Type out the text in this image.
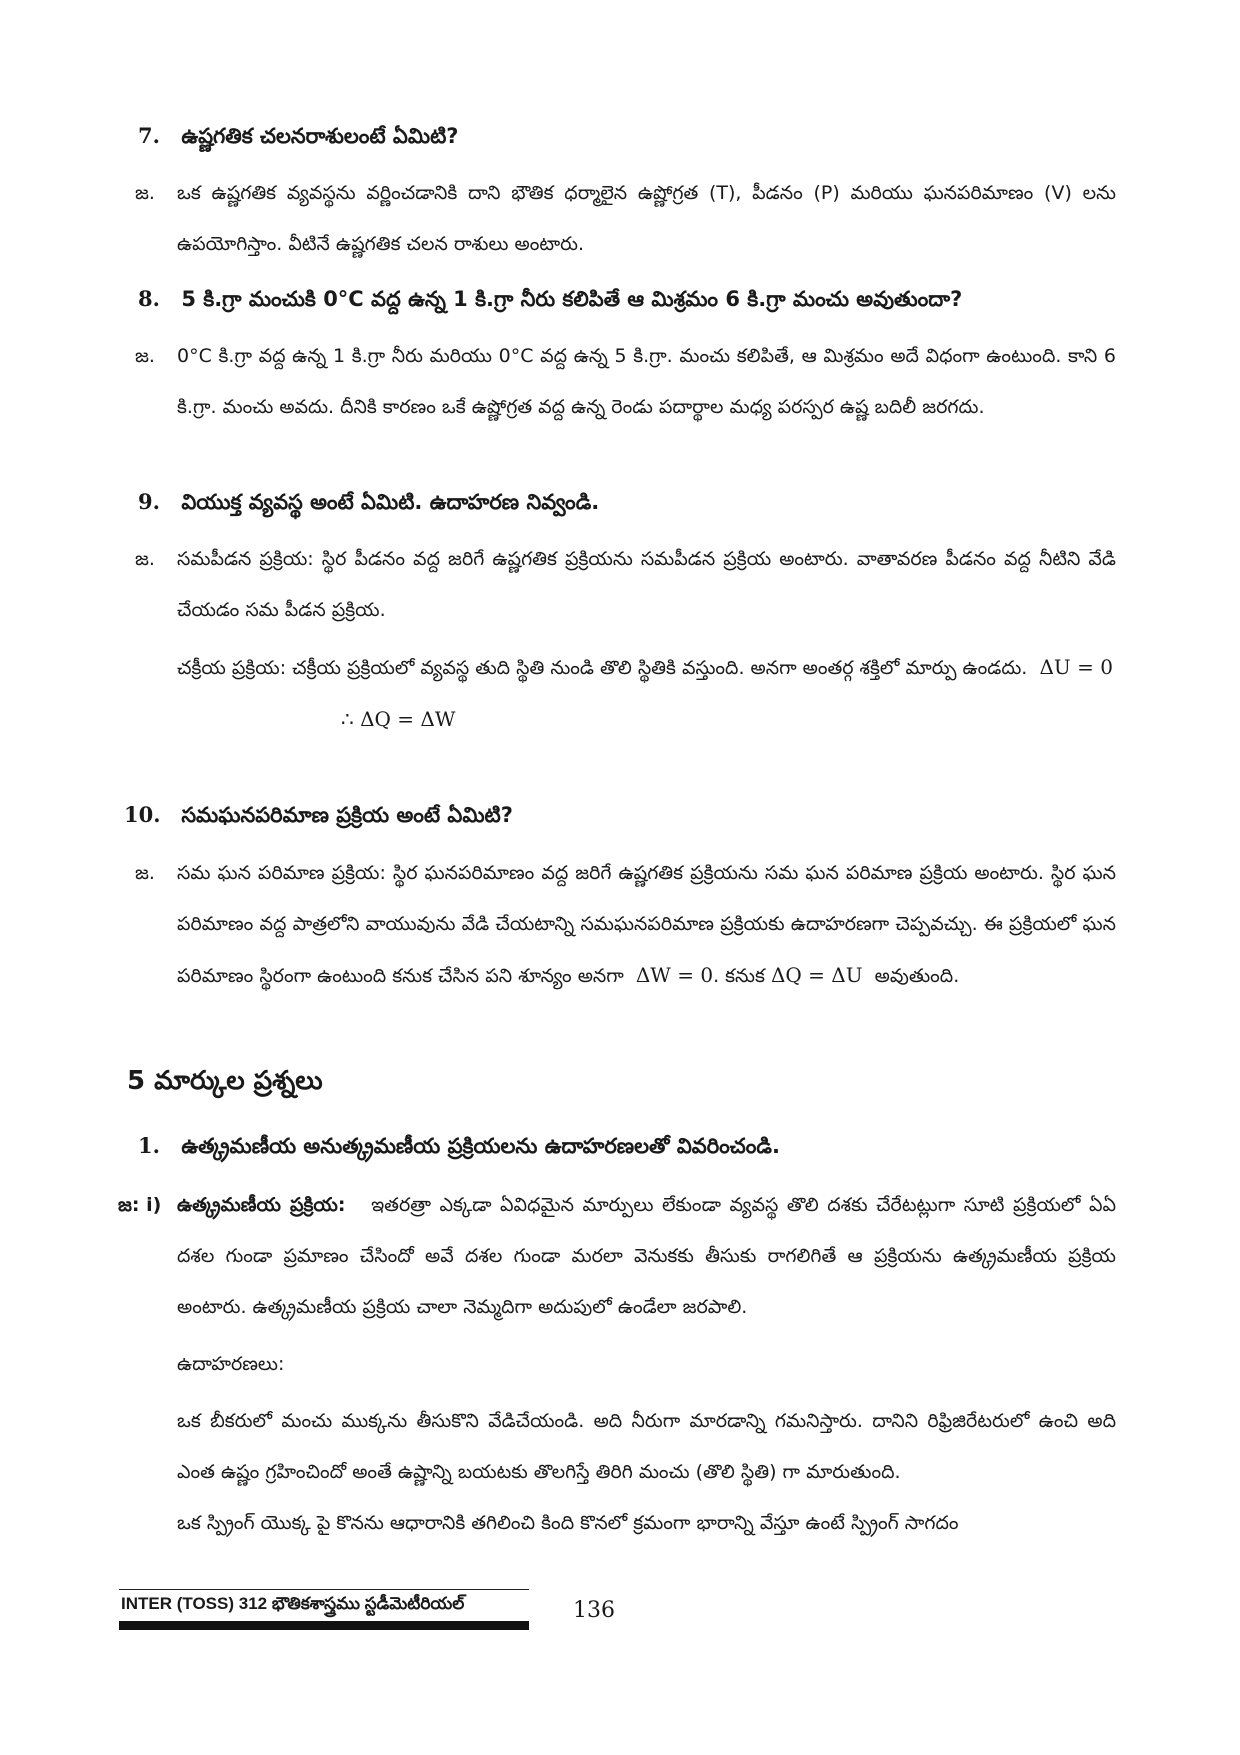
7. ఉష్ణగతిక చలనరాశులంటే ఏమిటి?
జ. ఒక ఉష్ణగతిక వ్యవస్థను వర్ణించడానికి దాని భౌతిక ధర్మాలైన ఉష్ణోగ్రత (T), పీడనం (P) మరియు ఘనపరిమాణం (V) లను ఉపయోగిస్తాం. వీటినే ఉష్ణగతిక చలన రాశులు అంటారు.

8. 5 కి.గ్రా మంచుకి 0°C వద్ద ఉన్న 1 కి.గ్రా నీరు కలిపితే ఆ మిశ్రమం 6 కి.గ్రా మంచు అవుతుందా?
జ. 0°C కి.గ్రా వద్ద ఉన్న 1 కి.గ్రా నీరు మరియు 0°C వద్ద ఉన్న 5 కి.గ్రా. మంచు కలిపితే, ఆ మిశ్రమం అదే విధంగా ఉంటుంది. కాని 6 కి.గ్రా. మంచు అవదు. దీనికి కారణం ఒకే ఉష్ణోగ్రత వద్ద ఉన్న రెండు పదార్థాల మధ్య పరస్పర ఉష్ణ బదిలీ జరగదు.

9. వియుక్త వ్యవస్థ అంటే ఏమిటి. ఉదాహరణ నివ్వండి.
జ. సమపీడన ప్రక్రియ: స్థిర పీడనం వద్ద జరిగే ఉష్ణగతిక ప్రక్రియను సమపీడన ప్రక్రియ అంటారు. వాతావరణ పీడనం వద్ద నీటిని వేడి చేయడం సమ పీడన ప్రక్రియ.

చక్రీయ ప్రక్రియ: చక్రీయ ప్రక్రియలో వ్యవస్థ తుది స్థితి నుండి తొలి స్థితికి వస్తుంది. అనగా అంతర్గ శక్తిలో మార్పు ఉండదు. ΔU = 0

∴ ΔQ = ΔW

10. సమఘనపరిమాణ ప్రక్రియ అంటే ఏమిటి?
జ. సమ ఘన పరిమాణ ప్రక్రియ: స్థిర ఘనపరిమాణం వద్ద జరిగే ఉష్ణగతిక ప్రక్రియను సమ ఘన పరిమాణ ప్రక్రియ అంటారు. స్థిర ఘన పరిమాణం వద్ద పాత్రలోని వాయువును వేడి చేయటాన్ని సమఘనపరిమాణ ప్రక్రియకు ఉదాహరణగా చెప్పవచ్చు. ఈ ప్రక్రియలో ఘన పరిమాణం స్థిరంగా ఉంటుంది కనుక చేసిన పని శూన్యం అనగా ΔW = 0. కనుక ΔQ = ΔU అవుతుంది.

5 మార్కుల ప్రశ్నలు
1. ఉత్క్రమణీయ అనుత్క్రమణీయ ప్రక్రియలను ఉదాహరణలతో వివరించండి.
జ: i) ఉత్క్రమణీయ ప్రక్రియ: ఇతరత్రా ఎక్కడా ఏవిధమైన మార్పులు లేకుండా వ్యవస్థ తొలి దశకు చేరేటట్లుగా సూటి ప్రక్రియలో ఏఏ దశల గుండా ప్రమాణం చేసిందో అవే దశల గుండా మరలా వెనుకకు తీసుకు రాగలిగితే ఆ ప్రక్రియను ఉత్క్రమణీయ ప్రక్రియ అంటారు. ఉత్క్రమణీయ ప్రక్రియ చాలా నెమ్మదిగా అదుపులో ఉండేలా జరపాలి.

ఉదాహరణలు:

ఒక బీకరులో మంచు ముక్కను తీసుకొని వేడిచేయండి. అది నీరుగా మారడాన్ని గమనిస్తారు. దానిని రిఫ్రిజిరేటరులో ఉంచి అది ఎంత ఉష్ణం గ్రహించిందో అంతే ఉష్ణాన్ని బయటకు తొలగిస్తే తిరిగి మంచు (తొలి స్థితి) గా మారుతుంది.

ఒక స్ప్రింగ్ యొక్క పై కొనను ఆధారానికి తగిలించి కింది కొనలో క్రమంగా భారాన్ని వేస్తూ ఉంటే స్ప్రింగ్ సాగదం

INTER (TOSS) 312 భౌతికశాస్త్రము స్టడీమెటీరియల్	136
